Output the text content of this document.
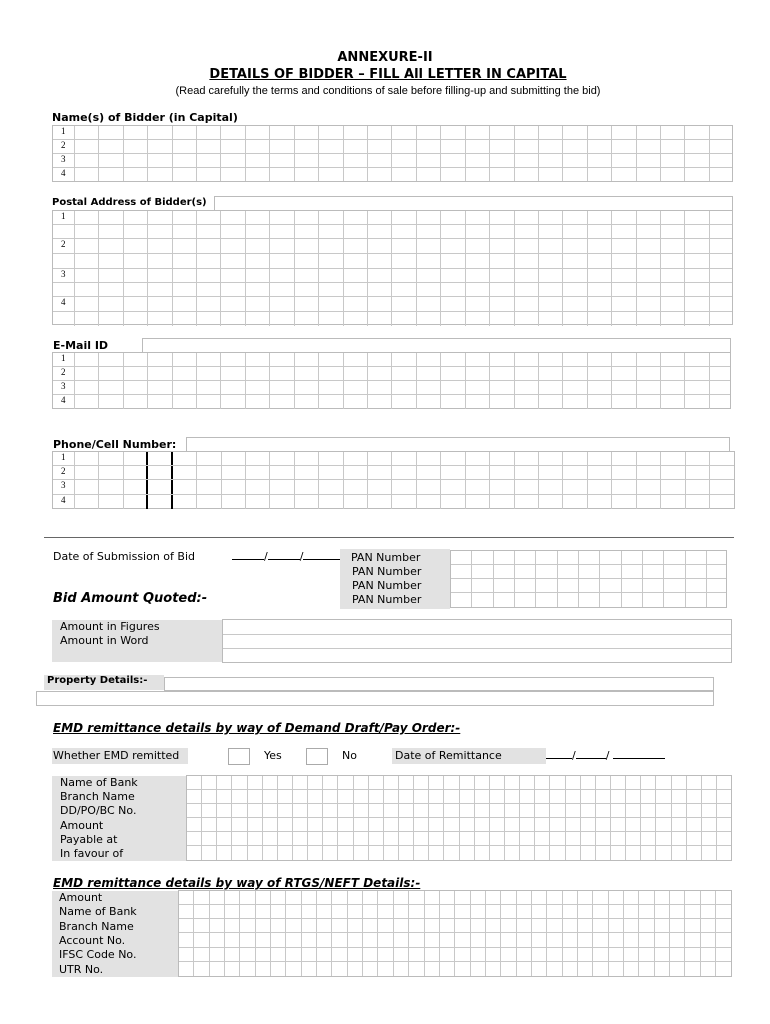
ANNEXURE-II
DETAILS OF BIDDER – FILL All LETTER IN CAPITAL
(Read carefully the terms and conditions of sale before filling-up and submitting the bid)
Name(s) of Bidder (in Capital)
1
2
3
4
Postal Address of Bidder(s)
1
2
3
4
E-Mail ID
1
2
3
4
Phone/Cell Number:
1
2
3
4
Date of Submission of Bid	/	/	PAN Number
PAN Number
PAN Number
PAN Number
Bid Amount Quoted:-
Amount in Figures
Amount in Word
Property Details:-
EMD remittance details by way of Demand Draft/Pay Order:-
Whether EMD remitted	Yes	No	Date of Remittance	/	/
Name of Bank
Branch Name
DD/PO/BC No.
Amount
Payable at
In favour of
EMD remittance details by way of RTGS/NEFT Details:-
Amount
Name of Bank
Branch Name
Account No.
IFSC Code No.
UTR No.
